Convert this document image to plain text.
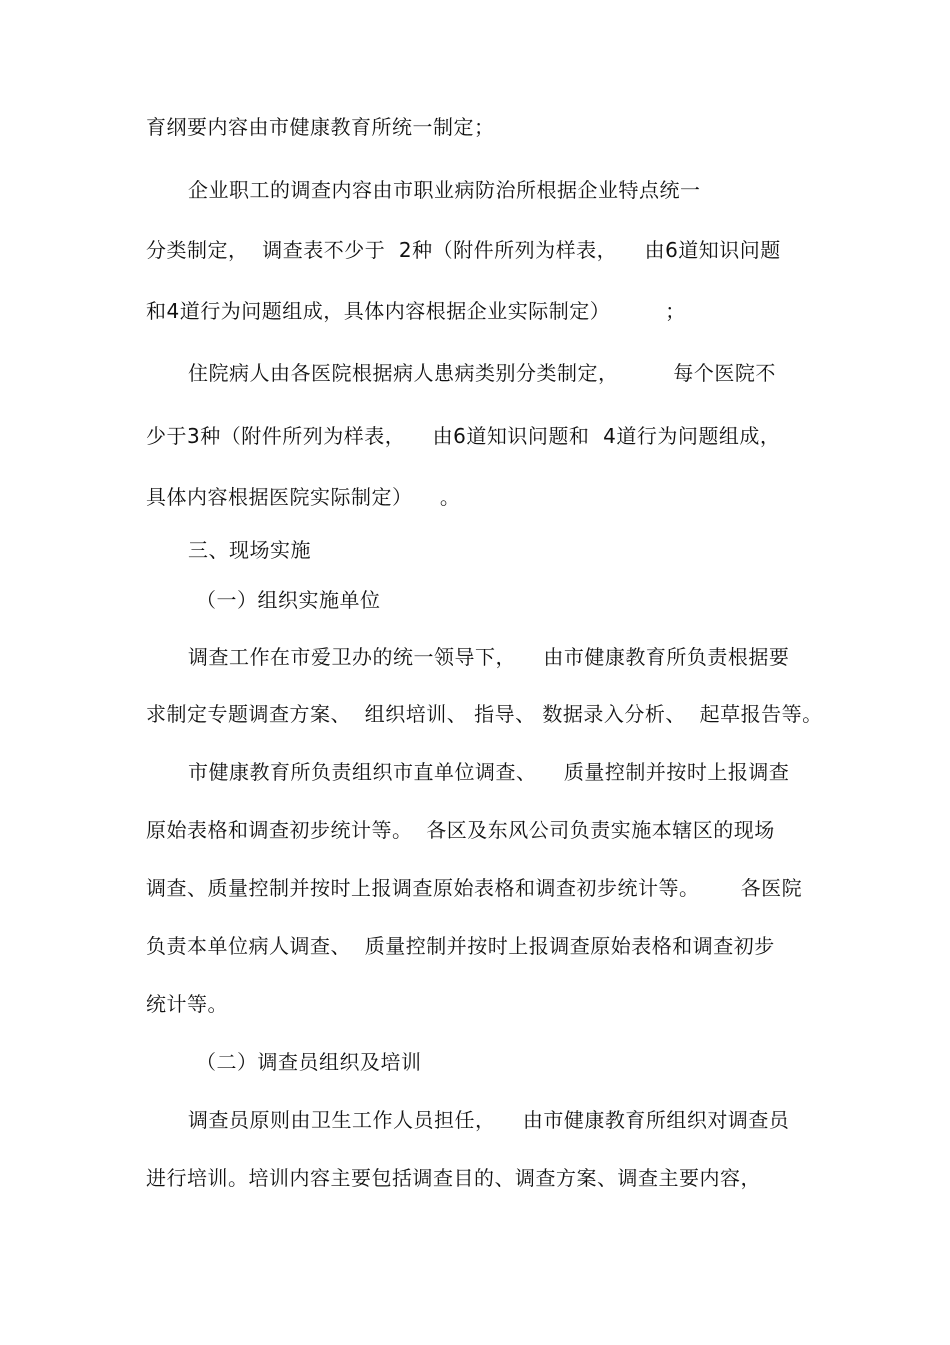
育纲要内容由市健康教育所统一制定；
企业职工的调查内容由市职业病防治所根据企业特点统一
分类制定，  调查表不少于  2种（附件所列为样表，    由6道知识问题
和4道行为问题组成，具体内容根据企业实际制定）        ；
住院病人由各医院根据病人患病类别分类制定，        每个医院不
少于3种（附件所列为样表，    由6道知识问题和  4道行为问题组成，
具体内容根据医院实际制定）    。
三、现场实施
（一）组织实施单位
调查工作在市爱卫办的统一领导下，    由市健康教育所负责根据要
求制定专题调查方案、  组织培训、 指导、 数据录入分析、  起草报告等。
市健康教育所负责组织市直单位调查、    质量控制并按时上报调查
原始表格和调查初步统计等。  各区及东风公司负责实施本辖区的现场
调查、质量控制并按时上报调查原始表格和调查初步统计等。      各医院
负责本单位病人调查、  质量控制并按时上报调查原始表格和调查初步
统计等。
（二）调查员组织及培训
调查员原则由卫生工作人员担任，    由市健康教育所组织对调查员
进行培训。培训内容主要包括调查目的、调查方案、调查主要内容，
